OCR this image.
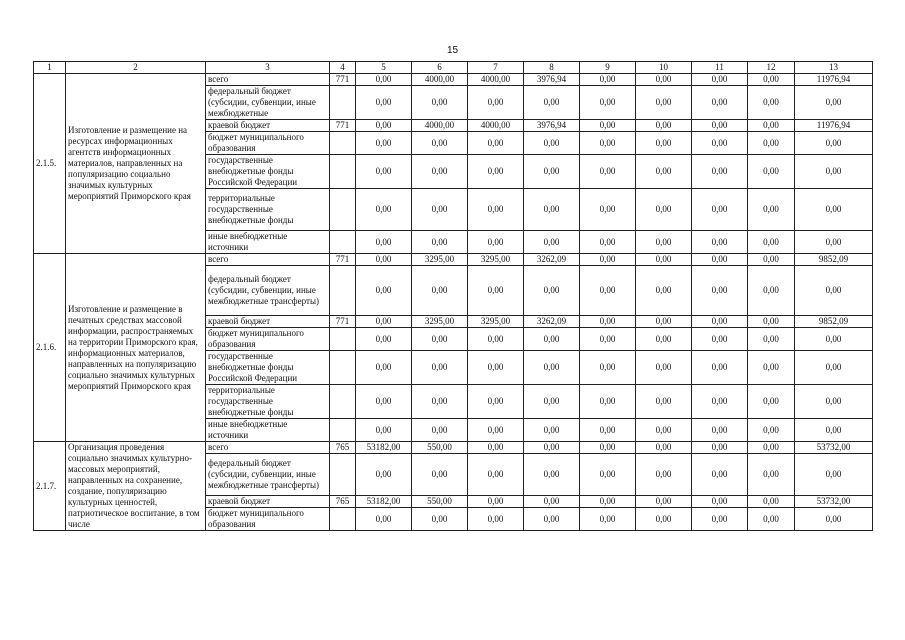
15
1	2	3	4	5	6	7	8	9	10	11	12	13
2.1.5.	Изготовление и размещение на ресурсах информационных агентств информационных материалов, направленных на популяризацию социально значимых культурных мероприятий Приморского края	всего	771	0,00	4000,00	4000,00	3976,94	0,00	0,00	0,00	0,00	11976,94
		федеральный бюджет (субсидии, субвенции, иные межбюджетные		0,00	0,00	0,00	0,00	0,00	0,00	0,00	0,00	0,00
		краевой бюджет	771	0,00	4000,00	4000,00	3976,94	0,00	0,00	0,00	0,00	11976,94
		бюджет муниципального образования		0,00	0,00	0,00	0,00	0,00	0,00	0,00	0,00	0,00
		государственные внебюджетные фонды Российской Федерации		0,00	0,00	0,00	0,00	0,00	0,00	0,00	0,00	0,00
		территориальные государственные внебюджетные фонды		0,00	0,00	0,00	0,00	0,00	0,00	0,00	0,00	0,00
		иные внебюджетные источники		0,00	0,00	0,00	0,00	0,00	0,00	0,00	0,00	0,00
2.1.6.	Изготовление и размещение в печатных средствах массовой информации, распространяемых на территории Приморского края, информационных материалов, направленных на популяризацию социально значимых культурных мероприятий Приморского края	всего	771	0,00	3295,00	3295,00	3262,09	0,00	0,00	0,00	0,00	9852,09
		федеральный бюджет (субсидии, субвенции, иные межбюджетные трансферты)		0,00	0,00	0,00	0,00	0,00	0,00	0,00	0,00	0,00
		краевой бюджет	771	0,00	3295,00	3295,00	3262,09	0,00	0,00	0,00	0,00	9852,09
		бюджет муниципального образования		0,00	0,00	0,00	0,00	0,00	0,00	0,00	0,00	0,00
		государственные внебюджетные фонды Российской Федерации		0,00	0,00	0,00	0,00	0,00	0,00	0,00	0,00	0,00
		территориальные государственные внебюджетные фонды		0,00	0,00	0,00	0,00	0,00	0,00	0,00	0,00	0,00
		иные внебюджетные источники		0,00	0,00	0,00	0,00	0,00	0,00	0,00	0,00	0,00
2.1.7.	Организация проведения социально значимых культурно-массовых мероприятий, направленных на сохранение, создание, популяризацию культурных ценностей, патриотическое воспитание, в том числе	всего	765	53182,00	550,00	0,00	0,00	0,00	0,00	0,00	0,00	53732,00
		федеральный бюджет (субсидии, субвенции, иные межбюджетные трансферты)		0,00	0,00	0,00	0,00	0,00	0,00	0,00	0,00	0,00
		краевой бюджет	765	53182,00	550,00	0,00	0,00	0,00	0,00	0,00	0,00	53732,00
		бюджет муниципального образования		0,00	0,00	0,00	0,00	0,00	0,00	0,00	0,00	0,00
